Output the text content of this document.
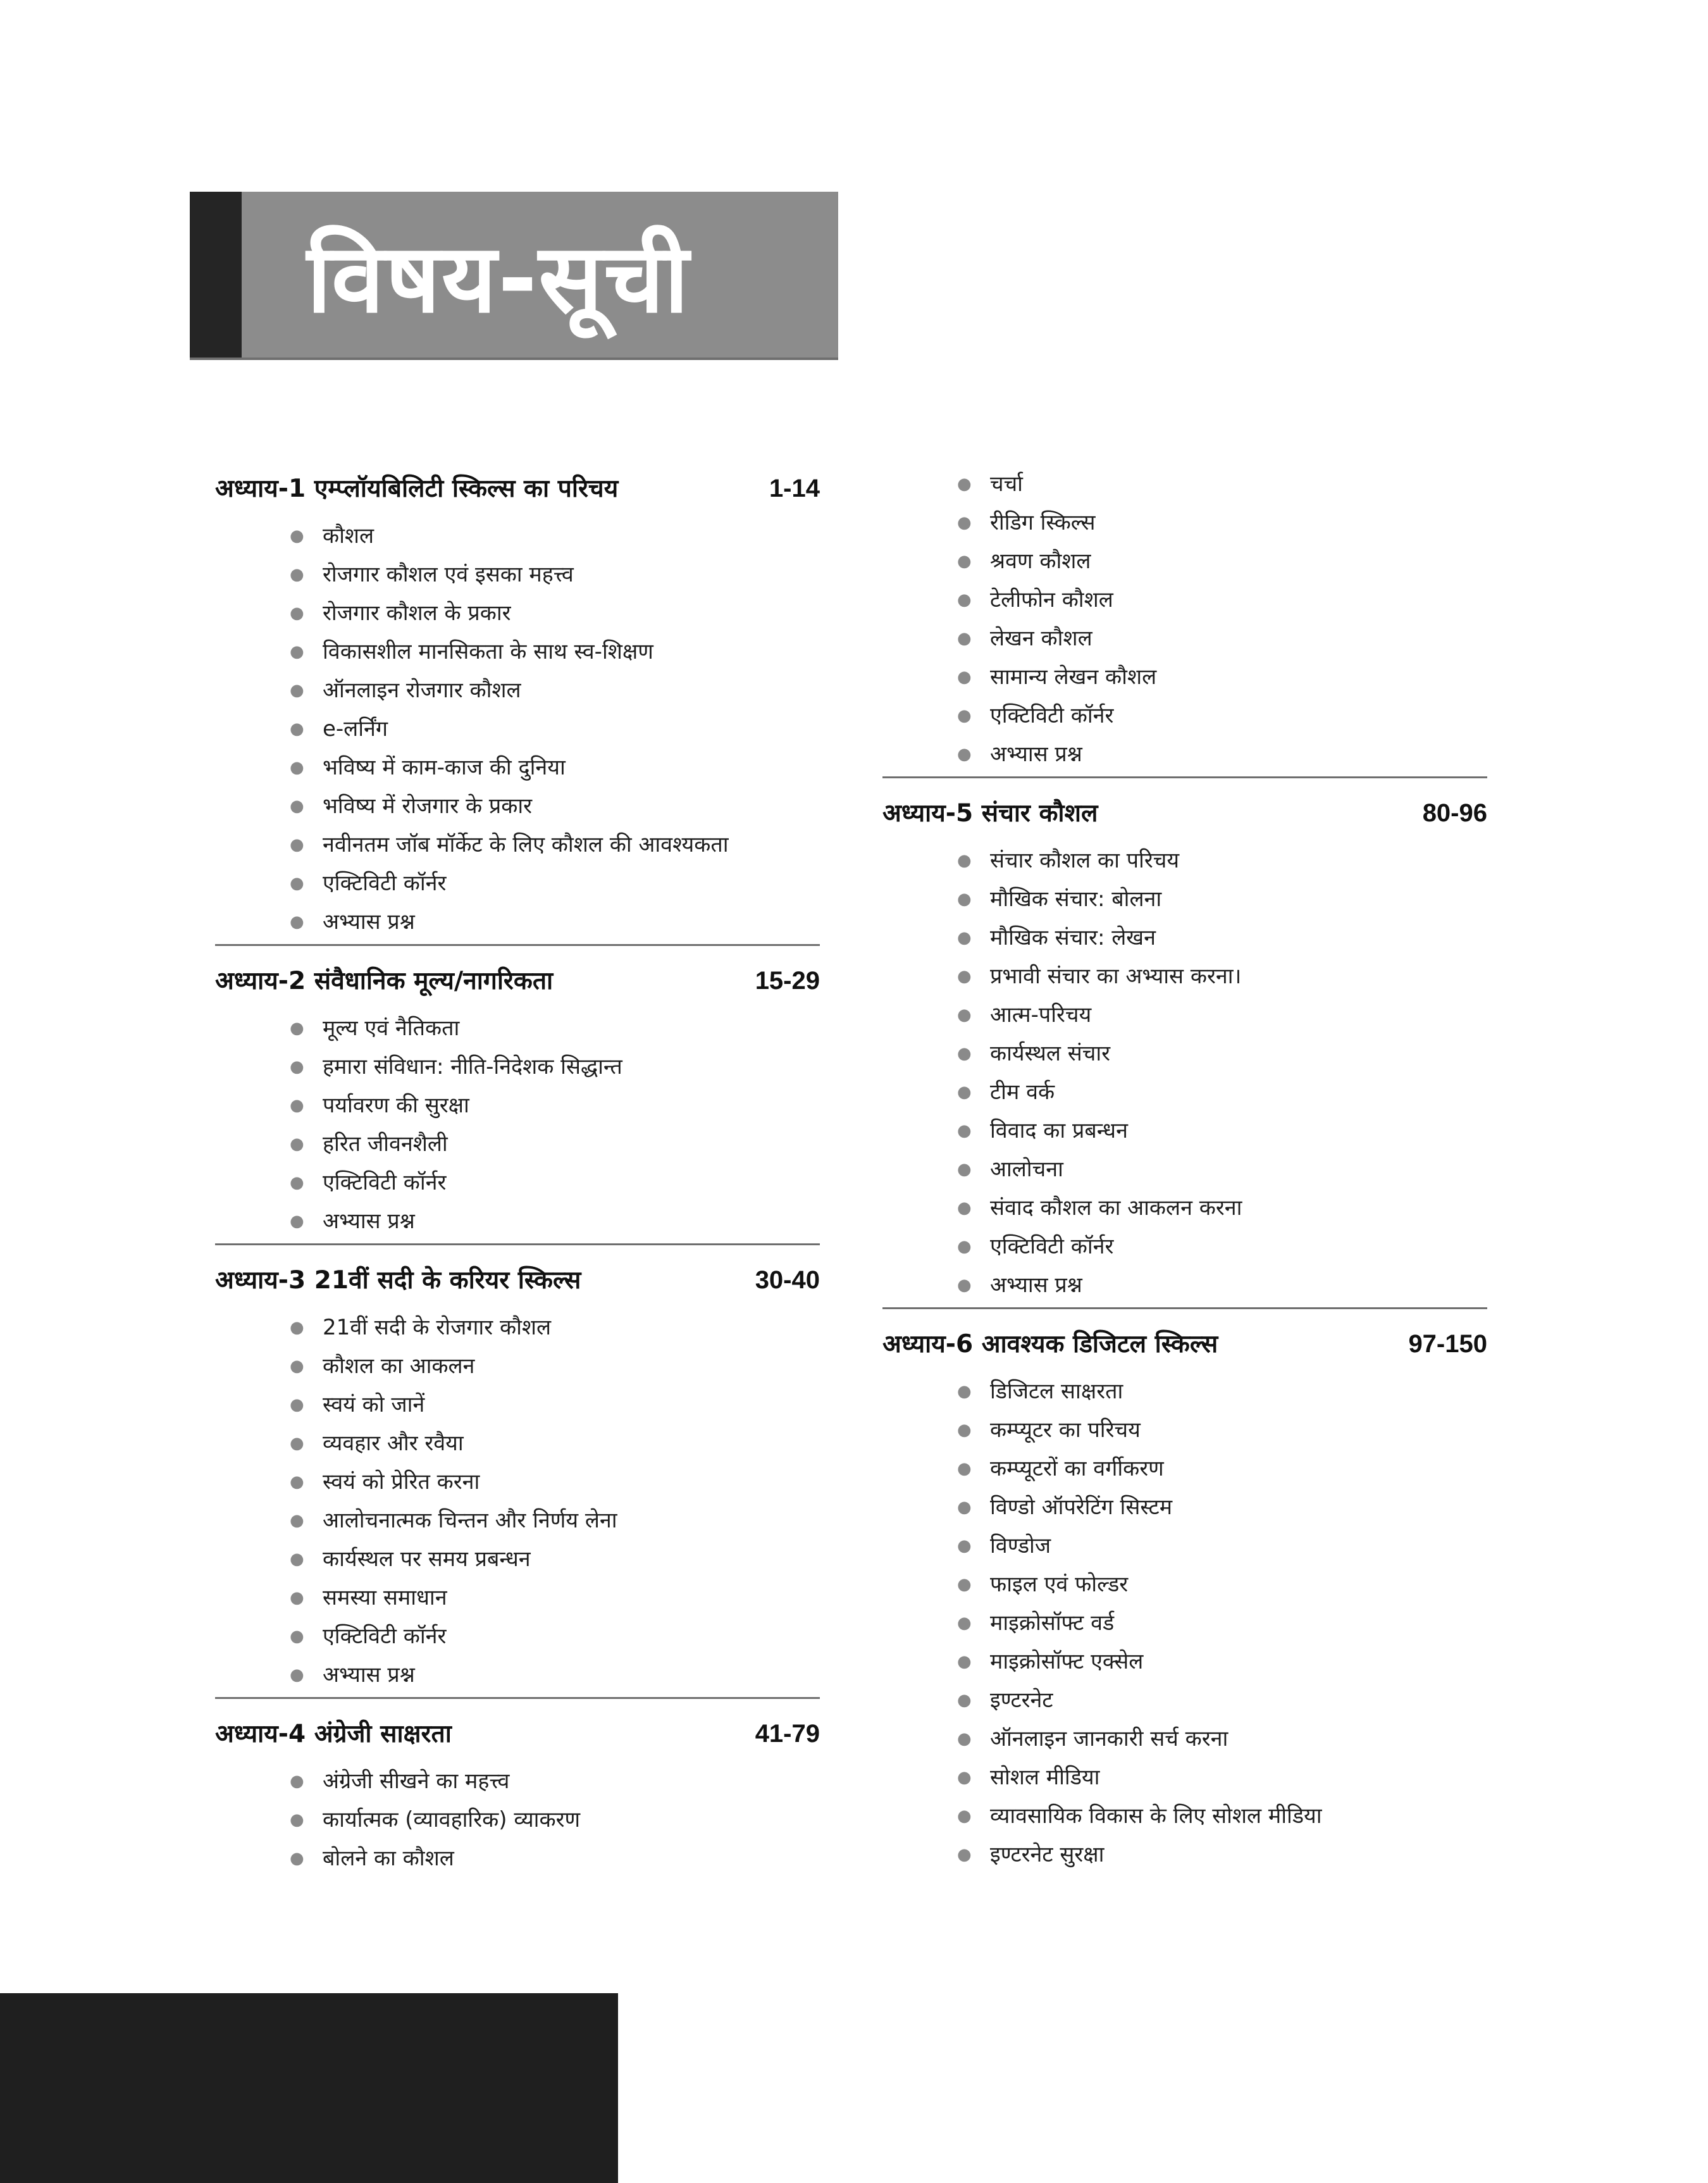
विषय-सूची
अध्याय-1 एम्प्लॉयबिलिटी स्किल्स का परिचय	1-14
● कौशल
● रोजगार कौशल एवं इसका महत्त्व
● रोजगार कौशल के प्रकार
● विकासशील मानसिकता के साथ स्व-शिक्षण
● ऑनलाइन रोजगार कौशल
● e-लर्निंग
● भविष्य में काम-काज की दुनिया
● भविष्य में रोजगार के प्रकार
● नवीनतम जॉब मॉर्केट के लिए कौशल की आवश्यकता
● एक्टिविटी कॉर्नर
● अभ्यास प्रश्न
अध्याय-2 संवैधानिक मूल्य/नागरिकता	15-29
● मूल्य एवं नैतिकता
● हमारा संविधान: नीति-निदेशक सिद्धान्त
● पर्यावरण की सुरक्षा
● हरित जीवनशैली
● एक्टिविटी कॉर्नर
● अभ्यास प्रश्न
अध्याय-3 21वीं सदी के करियर स्किल्स	30-40
● 21वीं सदी के रोजगार कौशल
● कौशल का आकलन
● स्वयं को जानें
● व्यवहार और रवैया
● स्वयं को प्रेरित करना
● आलोचनात्मक चिन्तन और निर्णय लेना
● कार्यस्थल पर समय प्रबन्धन
● समस्या समाधान
● एक्टिविटी कॉर्नर
● अभ्यास प्रश्न
अध्याय-4 अंग्रेजी साक्षरता	41-79
● अंग्रेजी सीखने का महत्त्व
● कार्यात्मक (व्यावहारिक) व्याकरण
● बोलने का कौशल
● चर्चा
● रीडिग स्किल्स
● श्रवण कौशल
● टेलीफोन कौशल
● लेखन कौशल
● सामान्य लेखन कौशल
● एक्टिविटी कॉर्नर
● अभ्यास प्रश्न
अध्याय-5 संचार कौशल	80-96
● संचार कौशल का परिचय
● मौखिक संचार: बोलना
● मौखिक संचार: लेखन
● प्रभावी संचार का अभ्यास करना।
● आत्म-परिचय
● कार्यस्थल संचार
● टीम वर्क
● विवाद का प्रबन्धन
● आलोचना
● संवाद कौशल का आकलन करना
● एक्टिविटी कॉर्नर
● अभ्यास प्रश्न
अध्याय-6 आवश्यक डिजिटल स्किल्स	97-150
● डिजिटल साक्षरता
● कम्प्यूटर का परिचय
● कम्प्यूटरों का वर्गीकरण
● विण्डो ऑपरेटिंग सिस्टम
● विण्डोज
● फाइल एवं फोल्डर
● माइक्रोसॉफ्ट वर्ड
● माइक्रोसॉफ्ट एक्सेल
● इण्टरनेट
● ऑनलाइन जानकारी सर्च करना
● सोशल मीडिया
● व्यावसायिक विकास के लिए सोशल मीडिया
● इण्टरनेट सुरक्षा
